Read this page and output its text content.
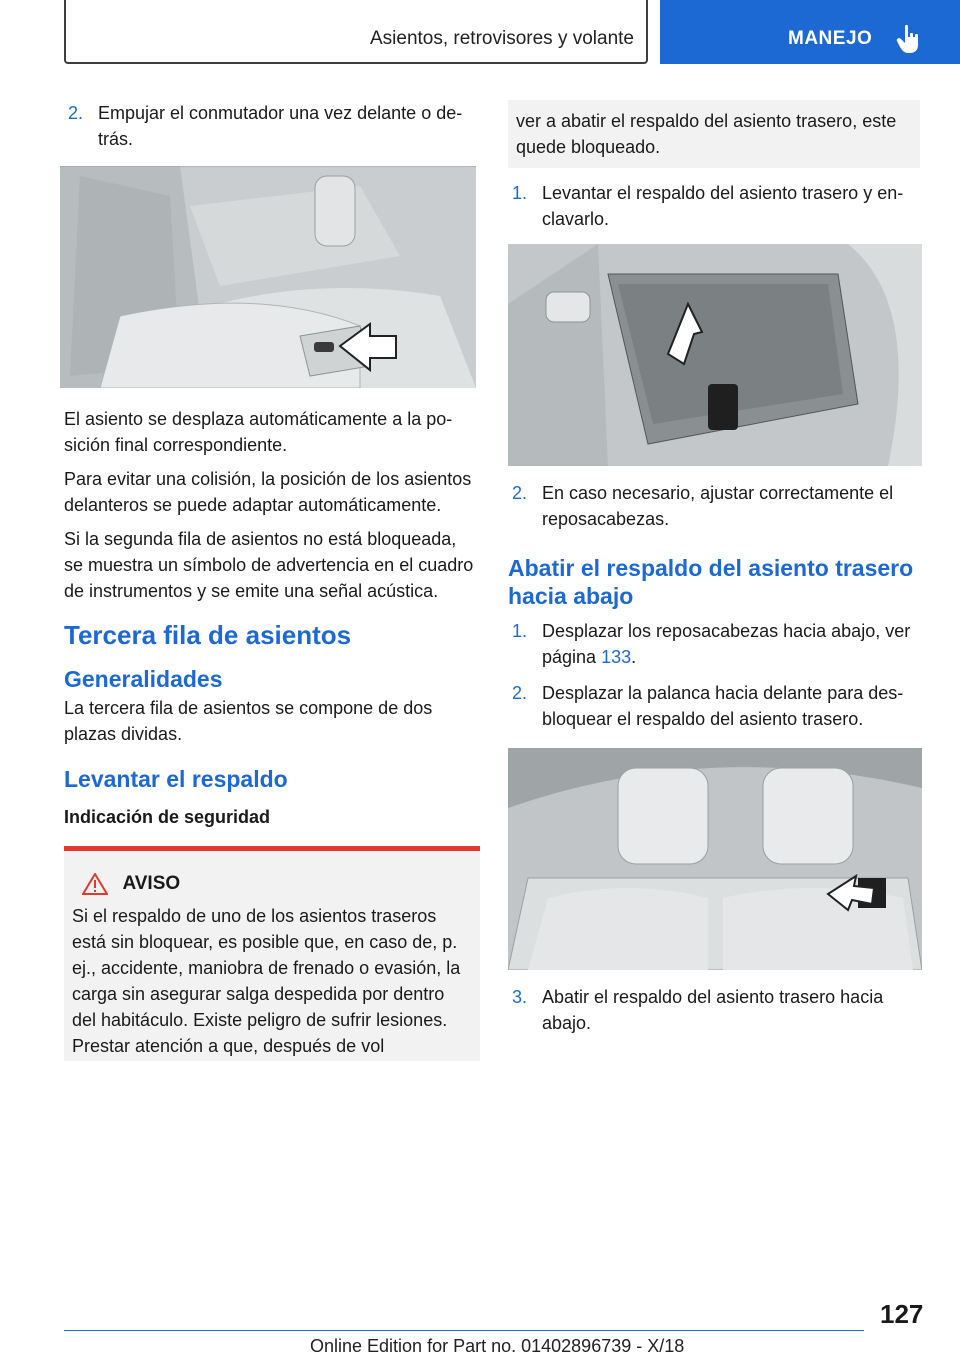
Asientos, retrovisores y volante	MANEJO
2. Empujar el conmutador una vez delante o detrás.

El asiento se desplaza automáticamente a la posición final correspondiente.

Para evitar una colisión, la posición de los asientos delanteros se puede adaptar automáticamente.

Si la segunda fila de asientos no está bloqueada, se muestra un símbolo de advertencia en el cuadro de instrumentos y se emite una señal acústica.

Tercera fila de asientos
Generalidades

La tercera fila de asientos se compone de dos plazas dividas.

Levantar el respaldo
Indicación de seguridad
AVISO
Si el respaldo de uno de los asientos traseros está sin bloquear, es posible que, en caso de, p. ej., accidente, maniobra de frenado o evasión, la carga sin asegurar salga despedida por dentro del habitáculo. Existe peligro de sufrir lesiones. Prestar atención a que, después de vol
ver a abatir el respaldo del asiento trasero, este quede bloqueado.
1. Levantar el respaldo del asiento trasero y enclavarlo.
2. En caso necesario, ajustar correctamente el reposacabezas.
Abatir el respaldo del asiento trasero hacia abajo
1. Desplazar los reposacabezas hacia abajo, ver página 133.
2. Desplazar la palanca hacia delante para desbloquear el respaldo del asiento trasero.
3. Abatir el respaldo del asiento trasero hacia abajo.
127
Online Edition for Part no. 01402896739 - X/18
